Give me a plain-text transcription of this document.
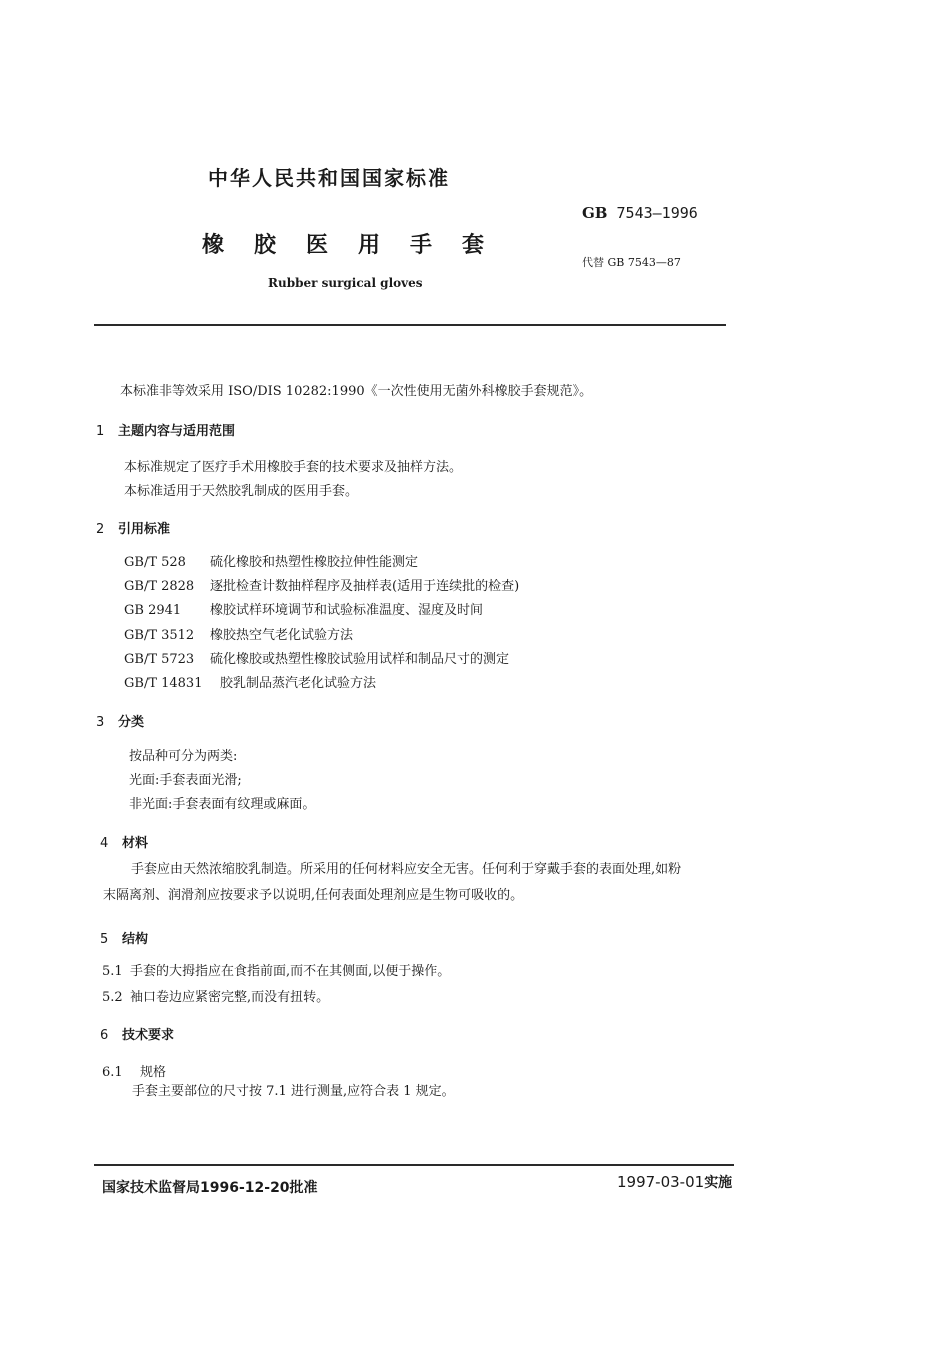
中华人民共和国国家标准
GB 7543—1996
橡胶医用手套
代替 GB 7543—87
Rubber surgical gloves
本标准非等效采用 ISO/DIS 10282:1990《一次性使用无菌外科橡胶手套规范》。
1 主题内容与适用范围
本标准规定了医疗手术用橡胶手套的技术要求及抽样方法。
本标准适用于天然胶乳制成的医用手套。
2 引用标准
GB/T 528 硫化橡胶和热塑性橡胶拉伸性能测定
GB/T 2828 逐批检查计数抽样程序及抽样表(适用于连续批的检查)
GB 2941 橡胶试样环境调节和试验标准温度、湿度及时间
GB/T 3512 橡胶热空气老化试验方法
GB/T 5723 硫化橡胶或热塑性橡胶试验用试样和制品尺寸的测定
GB/T 14831 胶乳制品蒸汽老化试验方法
3 分类
按品种可分为两类:
光面:手套表面光滑;
非光面:手套表面有纹理或麻面。
4 材料
手套应由天然浓缩胶乳制造。所采用的任何材料应安全无害。任何利于穿戴手套的表面处理,如粉
末隔离剂、润滑剂应按要求予以说明,任何表面处理剂应是生物可吸收的。
5 结构
5.1 手套的大拇指应在食指前面,而不在其侧面,以便于操作。
5.2 袖口卷边应紧密完整,而没有扭转。
6 技术要求
6.1 规格
手套主要部位的尺寸按 7.1 进行测量,应符合表 1 规定。
国家技术监督局1996-12-20批准	1997-03-01实施
